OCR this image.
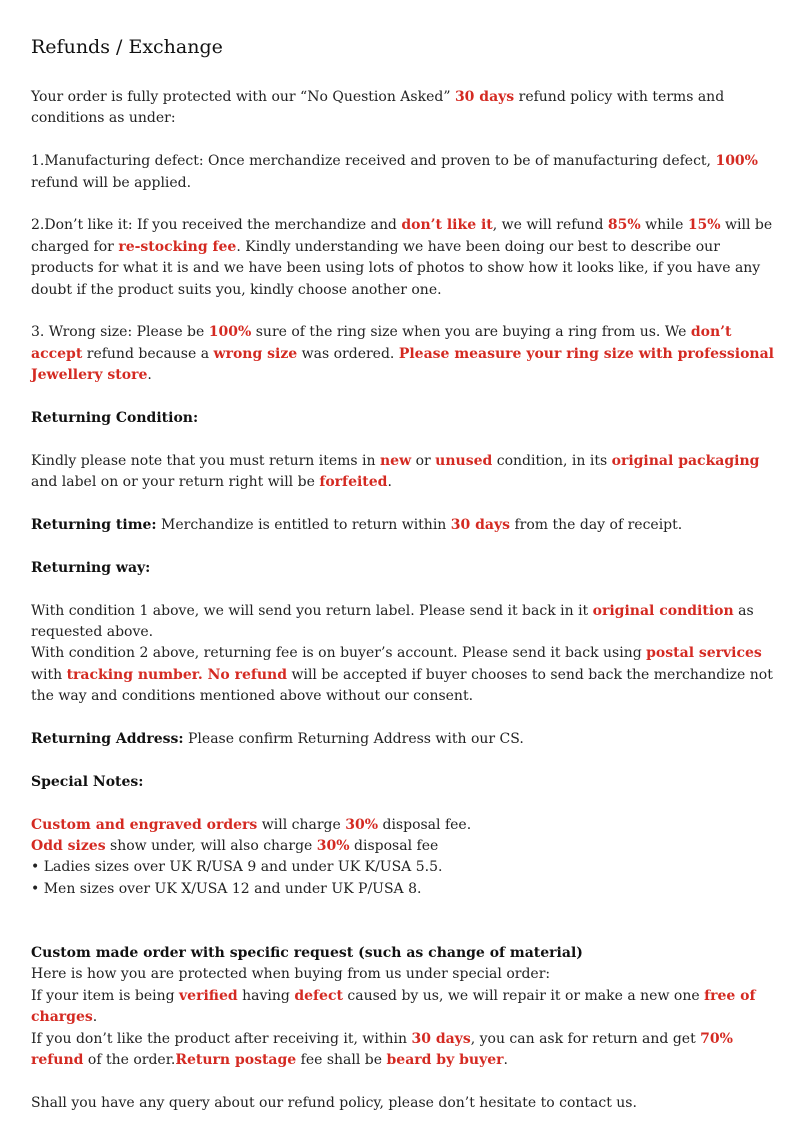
Refunds / Exchange

Your order is fully protected with our “No Question Asked” 30 days refund policy with terms and conditions as under:

1.Manufacturing defect: Once merchandize received and proven to be of manufacturing defect, 100% refund will be applied.

2.Don’t like it: If you received the merchandize and don’t like it, we will refund 85% while 15% will be charged for re-stocking fee. Kindly understanding we have been doing our best to describe our products for what it is and we have been using lots of photos to show how it looks like, if you have any doubt if the product suits you, kindly choose another one.

3. Wrong size: Please be 100% sure of the ring size when you are buying a ring from us. We don’t accept refund because a wrong size was ordered. Please measure your ring size with professional Jewellery store.

Returning Condition:

Kindly please note that you must return items in new or unused condition, in its original packaging and label on or your return right will be forfeited.

Returning time: Merchandize is entitled to return within 30 days from the day of receipt.

Returning way:

With condition 1 above, we will send you return label. Please send it back in it original condition as requested above.

With condition 2 above, returning fee is on buyer’s account. Please send it back using postal services with tracking number. No refund will be accepted if buyer chooses to send back the merchandize not the way and conditions mentioned above without our consent.

Returning Address: Please confirm Returning Address with our CS.

Special Notes:

Custom and engraved orders will charge 30% disposal fee.

Odd sizes show under, will also charge 30% disposal fee

• Ladies sizes over UK R/USA 9 and under UK K/USA 5.5.

• Men sizes over UK X/USA 12 and under UK P/USA 8.

Custom made order with specific request (such as change of material)

Here is how you are protected when buying from us under special order:

If your item is being verified having defect caused by us, we will repair it or make a new one free of charges.

If you don’t like the product after receiving it, within 30 days, you can ask for return and get 70% refund of the order.Return postage fee shall be beard by buyer.

Shall you have any query about our refund policy, please don’t hesitate to contact us.
